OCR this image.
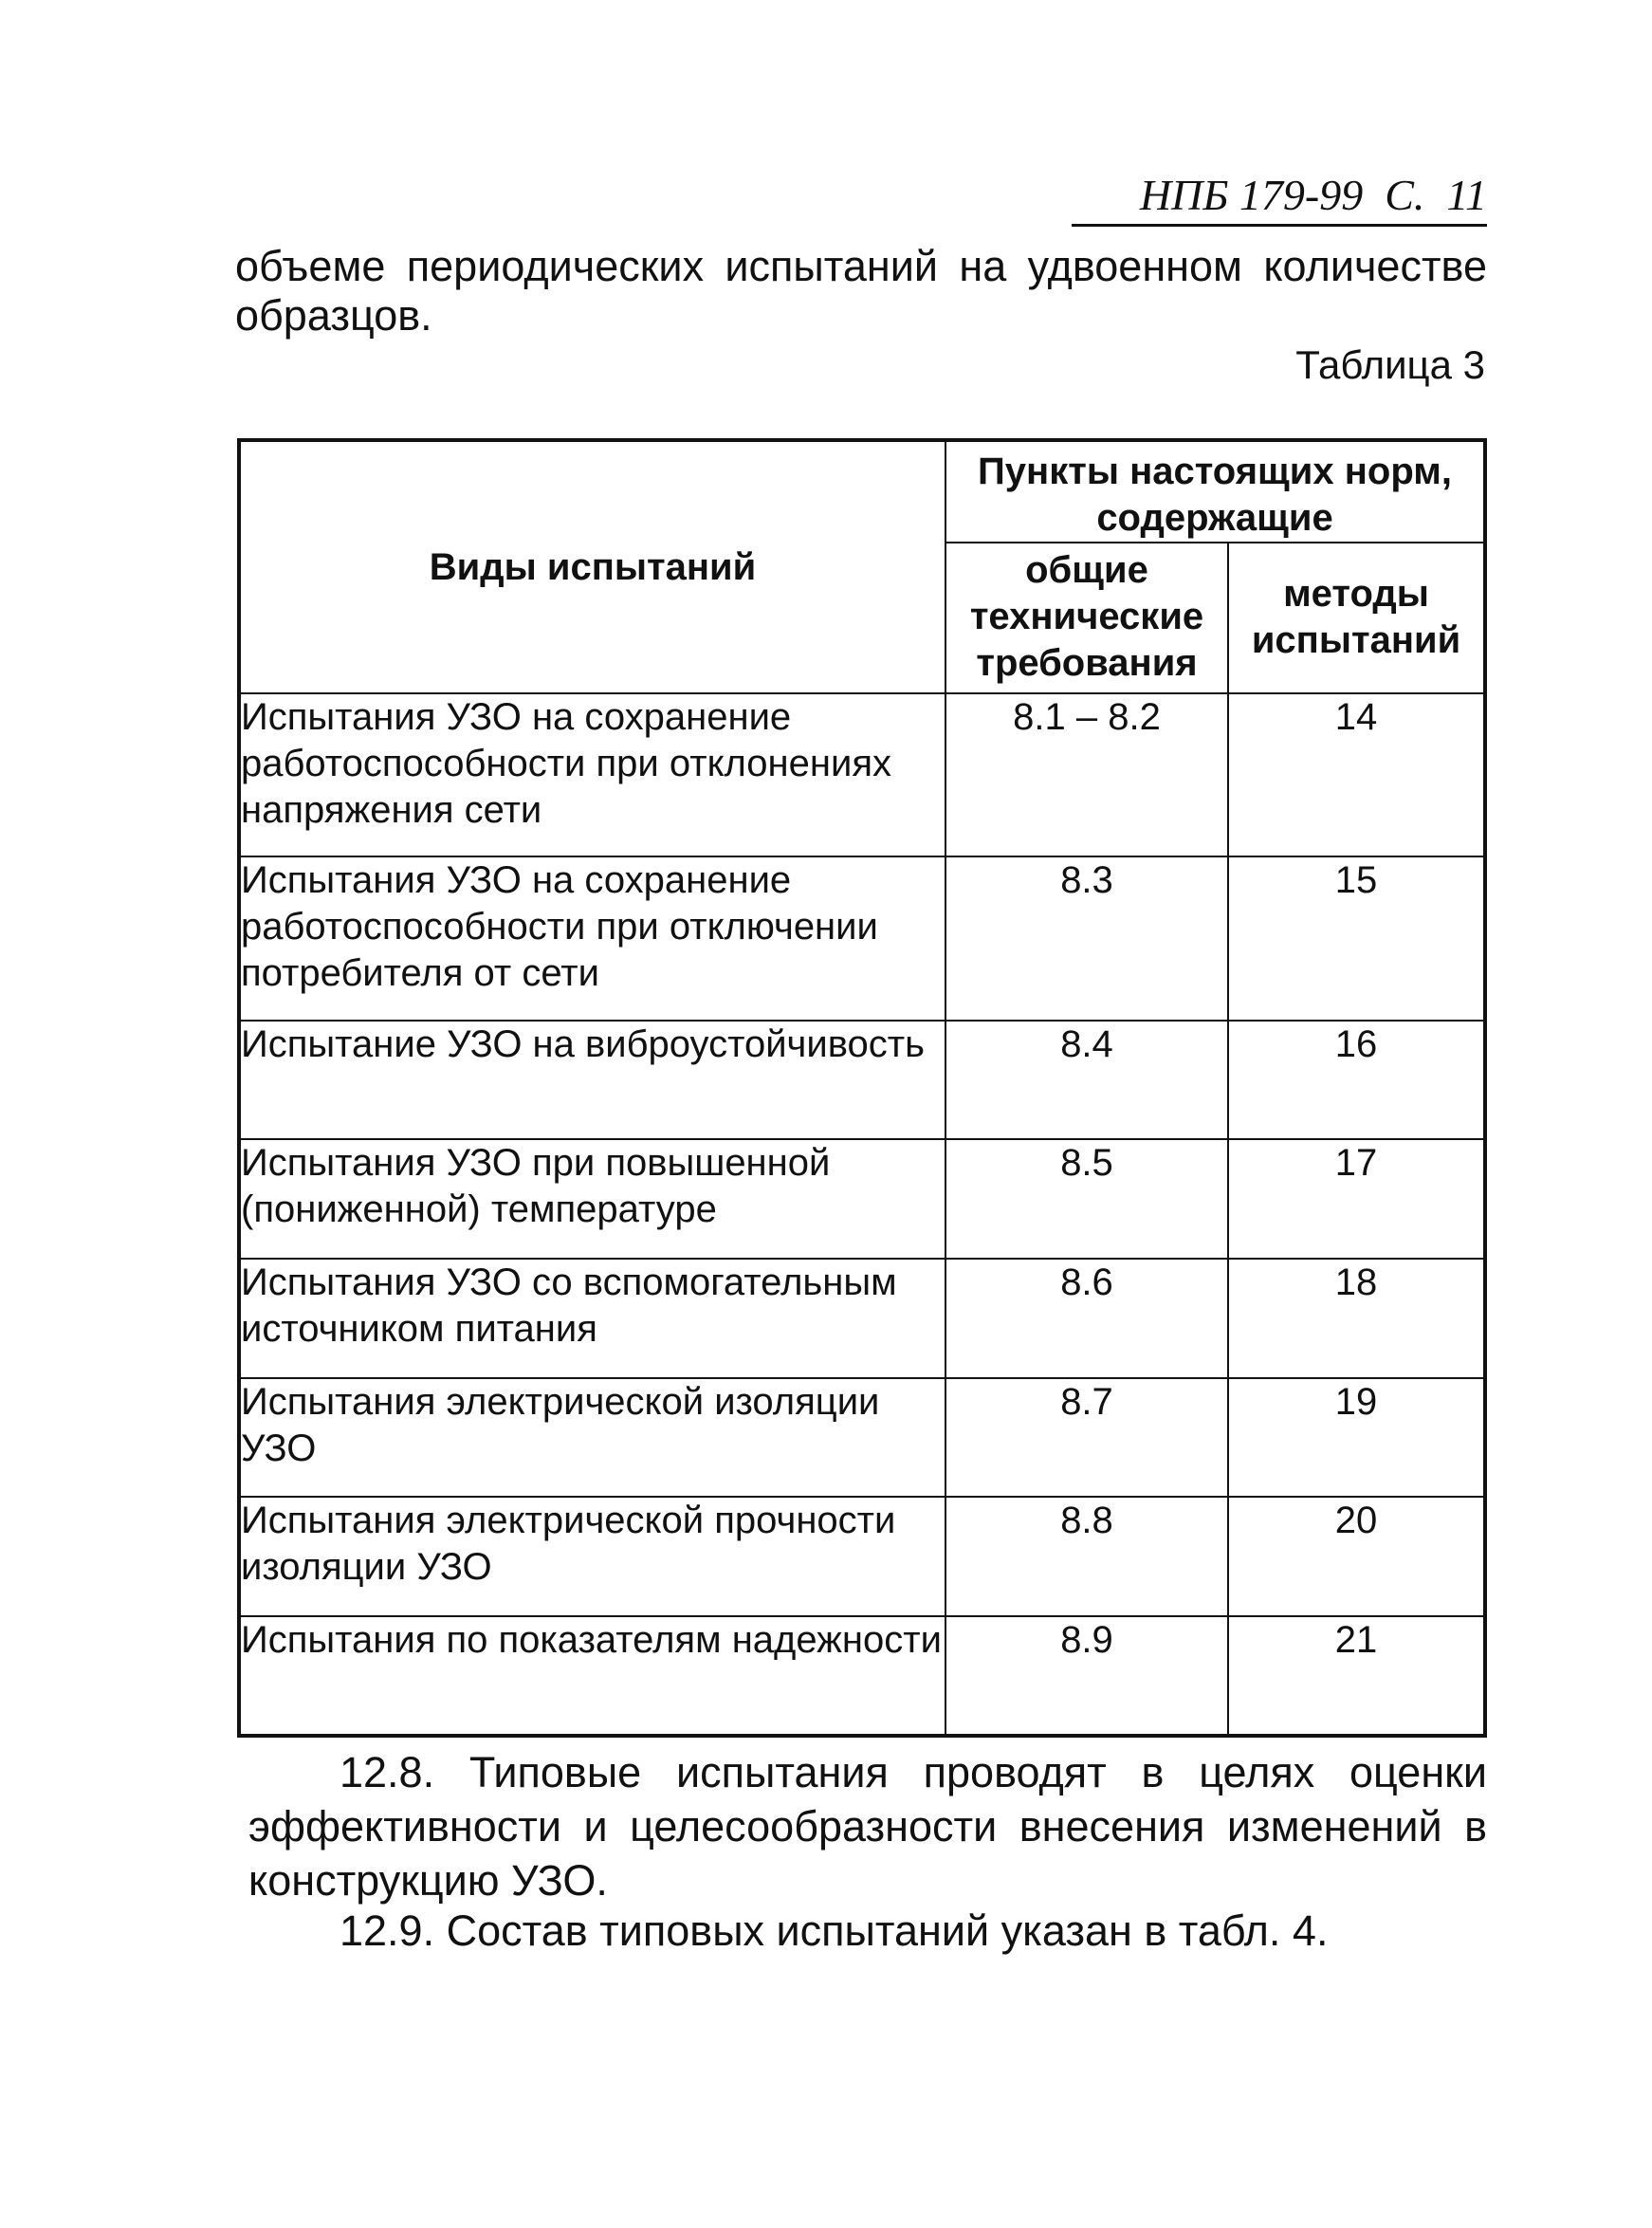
НПБ 179-99 С.  11

объеме периодических испытаний на удвоенном количестве образцов.

Таблица 3
Виды испытаний	Пункты настоящих норм, содержащие	
	общие технические требования	методы испытаний
Испытания УЗО на сохранение работоспособности при отклонениях напряжения сети	8.1 – 8.2	14
Испытания УЗО на сохранение работоспособности при отключении потребителя от сети	8.3	15
Испытание УЗО на виброустойчивость	8.4	16
Испытания УЗО при повышенной (пониженной) температуре	8.5	17
Испытания УЗО со вспомогательным источником питания	8.6	18
Испытания электрической изоляции УЗО	8.7	19
Испытания электрической прочности изоляции УЗО	8.8	20
Испытания по показателям надежности	8.9	21

12.8. Типовые испытания проводят в целях оценки эффективности и целесообразности внесения изменений в конструкцию УЗО.

12.9. Состав типовых испытаний указан в табл. 4.
